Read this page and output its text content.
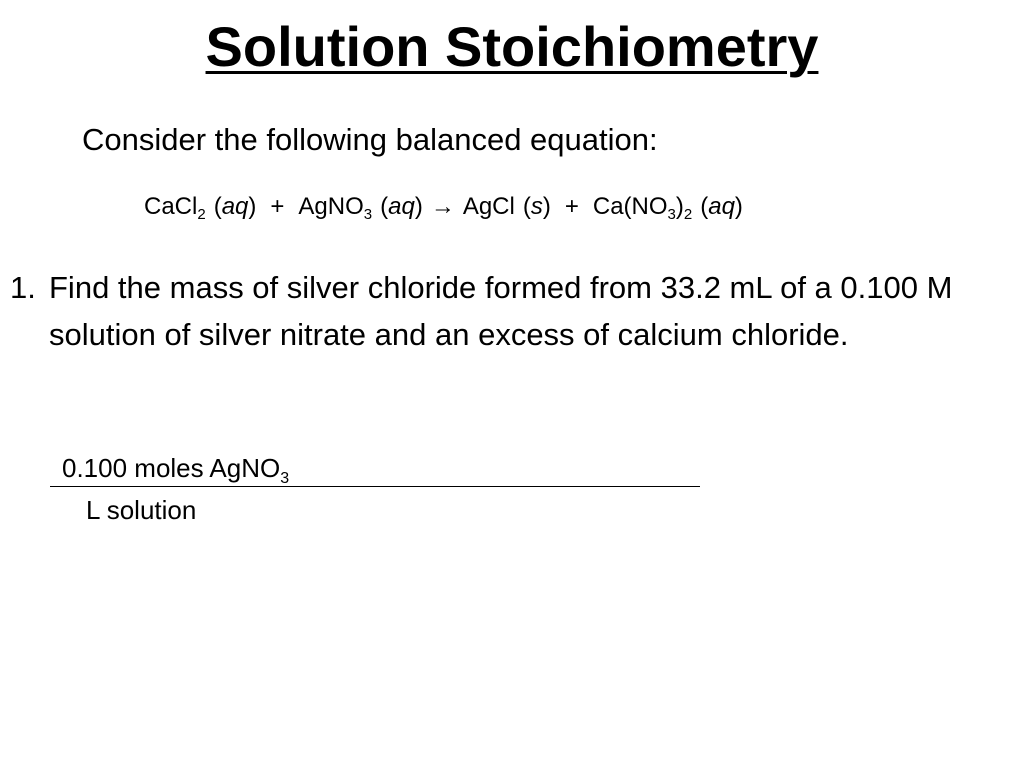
Solution Stoichiometry
Consider the following balanced equation:
CaCl$_2$ (aq) + AgNO$_3$ (aq) → AgCl $(s) + Ca(NO_3)_2$ (aq)
1. Find the mass of silver chloride formed from 33.2 mL of a 0.100 M solution of silver nitrate and an excess of calcium chloride.
0.100 moles AgNO$_3$
L solution
